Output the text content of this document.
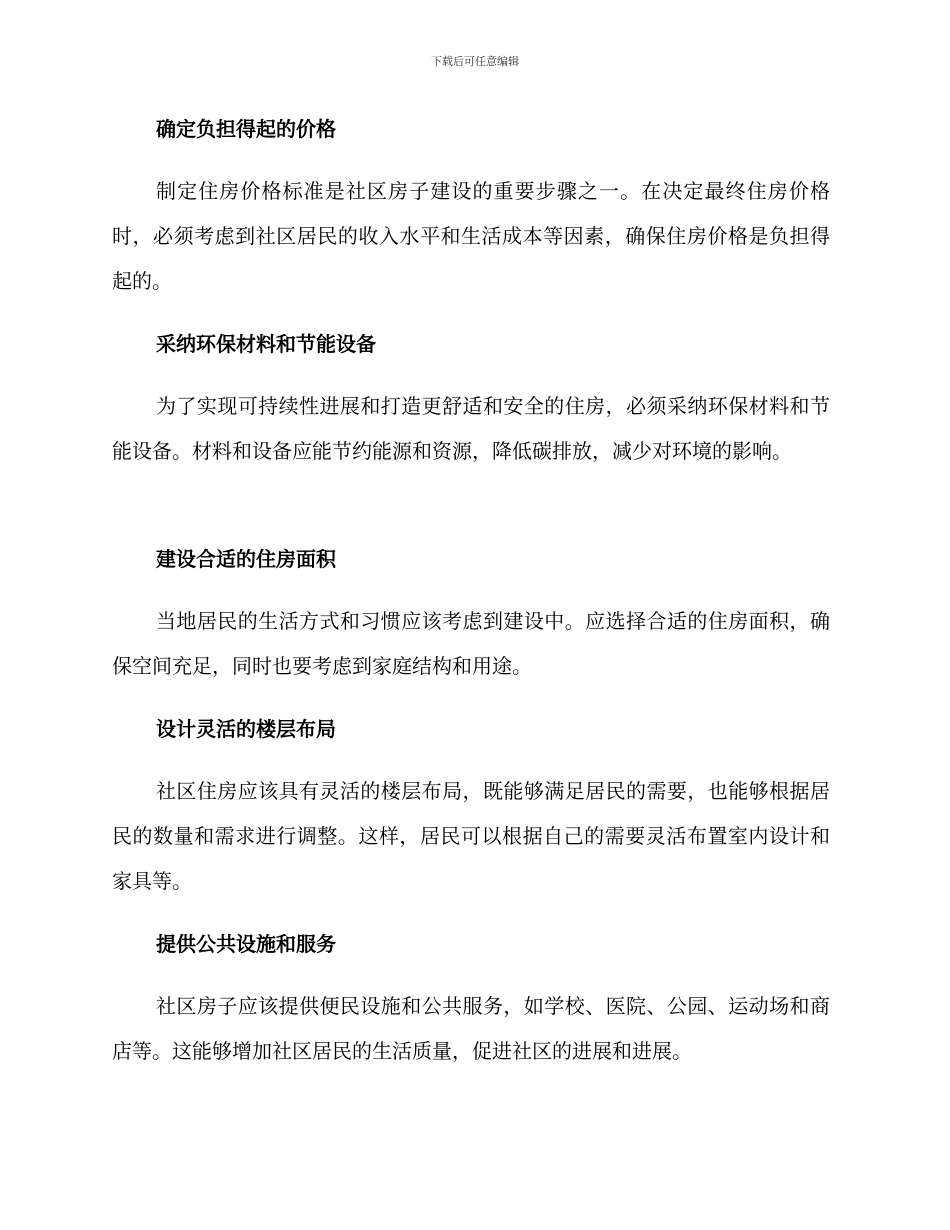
下载后可任意编辑
确定负担得起的价格

制定住房价格标准是社区房子建设的重要步骤之一。在决定最终住房价格时，必须考虑到社区居民的收入水平和生活成本等因素，确保住房价格是负担得起的。

采纳环保材料和节能设备

为了实现可持续性进展和打造更舒适和安全的住房，必须采纳环保材料和节能设备。材料和设备应能节约能源和资源，降低碳排放，减少对环境的影响。

建设合适的住房面积

当地居民的生活方式和习惯应该考虑到建设中。应选择合适的住房面积，确保空间充足，同时也要考虑到家庭结构和用途。

设计灵活的楼层布局

社区住房应该具有灵活的楼层布局，既能够满足居民的需要，也能够根据居民的数量和需求进行调整。这样，居民可以根据自己的需要灵活布置室内设计和家具等。

提供公共设施和服务

社区房子应该提供便民设施和公共服务，如学校、医院、公园、运动场和商店等。这能够增加社区居民的生活质量，促进社区的进展和进展。
